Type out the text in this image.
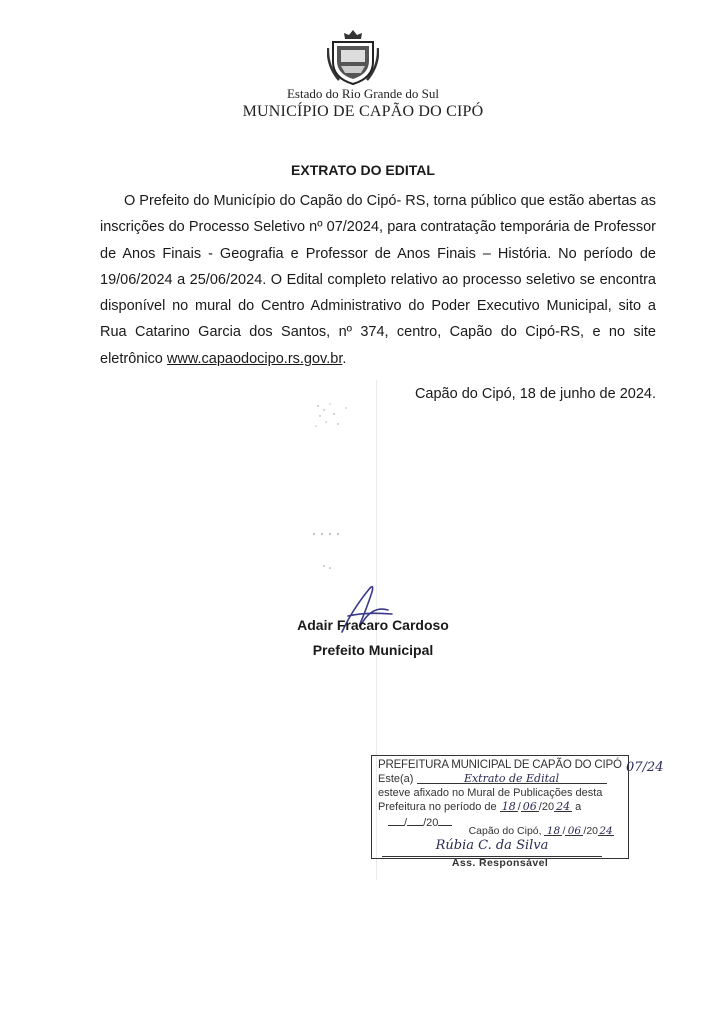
Estado do Rio Grande do Sul
MUNICÍPIO DE CAPÃO DO CIPÓ
EXTRATO DO EDITAL
O Prefeito do Município do Capão do Cipó- RS, torna público que estão abertas as inscrições do Processo Seletivo nº 07/2024, para contratação temporária de Professor de Anos Finais - Geografia e Professor de Anos Finais – História. No período de 19/06/2024 a 25/06/2024. O Edital completo relativo ao processo seletivo se encontra disponível no mural do Centro Administrativo do Poder Executivo Municipal, sito a Rua Catarino Garcia dos Santos, nº 374, centro, Capão do Cipó-RS, e no site eletrônico www.capaodocipo.rs.gov.br.
Capão do Cipó, 18 de junho de 2024.
Adair Fracaro Cardoso
Prefeito Municipal
PREFEITURA MUNICIPAL DE CAPÃO DO CIPÓ
Este(a)	Extrato de Edital
esteve afixado no Mural de Publicações desta
Prefeitura no período de 18 / 06 /20 24 a
/ /20
Capão do Cipó, 18 / 06 /2024
Rúbia C. da Silva
Ass. Responsável
07/24
